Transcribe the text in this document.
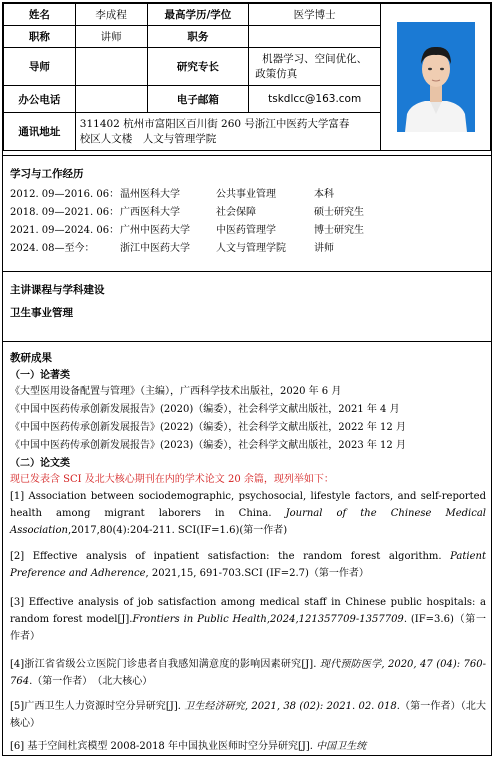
姓名	李成程	最高学历/学位	医学博士	

职称	讲师	职务		
导师		研究专长	机器学习、空间优化、
政策仿真	

办公电话		电子邮箱	tskdlcc@163.com	
通讯地址	311402 杭州市富阳区百川街 260 号浙江中医药大学富春
校区人文楼　人文与管理学院			
学习与工作经历
2012. 09—2016. 06： 温州医科大学	公共事业管理	本科
2018. 09—2021. 06： 广西医科大学	社会保障	硕士研究生
2021. 09—2024. 06： 广州中医药大学	中医药管理学	博士研究生
2024. 08—至今：	浙江中医药大学	人文与管理学院	讲师
主讲课程与学科建设
卫生事业管理
教研成果
（一）论著类
《大型医用设备配置与管理》（主编），广西科学技术出版社，2020 年 6 月
《中国中医药传承创新发展报告》(2020)（编委），社会科学文献出版社，2021 年 4 月
《中国中医药传承创新发展报告》(2022)（编委），社会科学文献出版社，2022 年 12 月
《中国中医药传承创新发展报告》(2023)（编委），社会科学文献出版社，2023 年 12 月
（二）论文类
现已发表含 SCI 及北大核心期刊在内的学术论文 20 余篇，现列举如下：
[1] Association between sociodemographic, psychosocial, lifestyle factors, and self-reported health among migrant laborers in China. Journal of the Chinese Medical Association,2017,80(4):204-211. SCI(IF=1.6)(第一作者)
[2] Effective analysis of inpatient satisfaction: the random forest algorithm. Patient Preference and Adherence, 2021,15, 691-703.SCI (IF=2.7)（第一作者）
[3] Effective analysis of job satisfaction among medical staff in Chinese public hospitals: a random forest model[J].Frontiers in Public Health,2024,121357709-1357709. (IF=3.6)（第一作者）
[4]浙江省省级公立医院门诊患者自我感知满意度的影响因素研究[J]. 现代预防医学, 2020, 47 (04): 760-764.（第一作者）　（北大核心）
[5]广西卫生人力资源时空分异研究[J]. 卫生经济研究, 2021, 38 (02): 2021. 02. 018.（第一作者）（北大核心）
[6] 基于空间杜宾模型 2008-2018 年中国执业医师时空分异研究[J]. 中国卫生统
